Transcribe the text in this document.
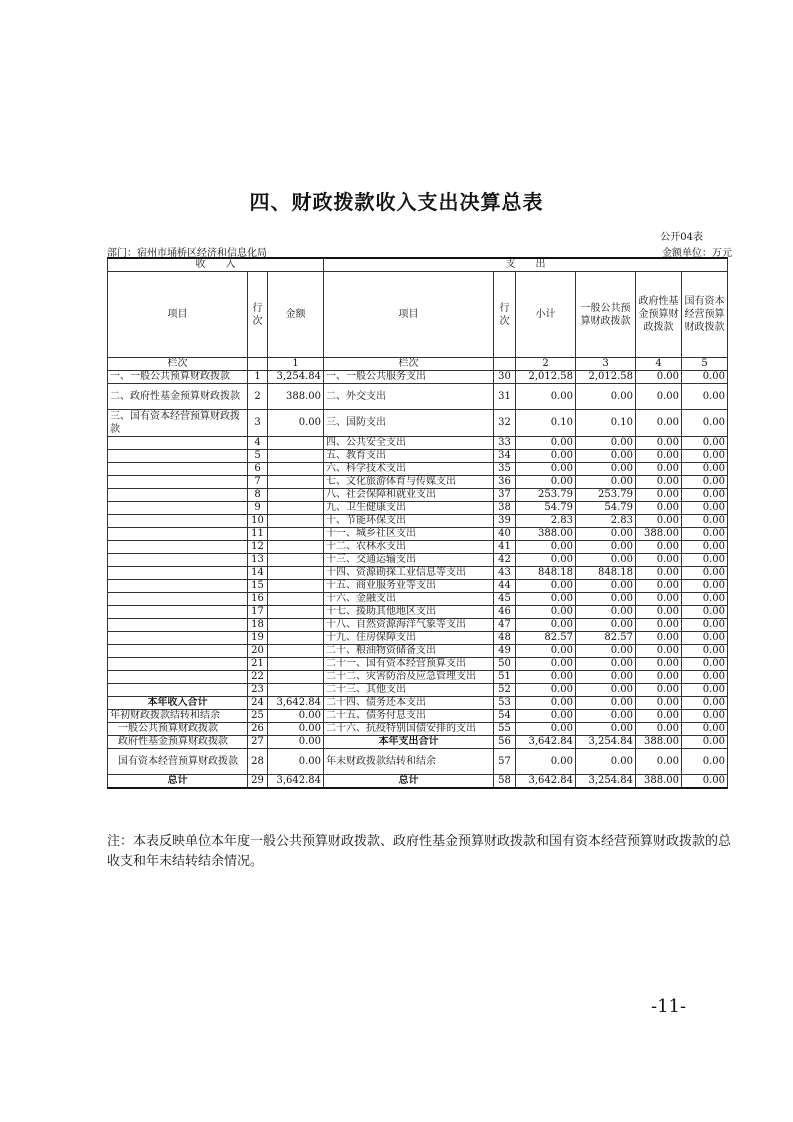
四、财政拨款收入支出决算总表
公开04表
部门：宿州市埇桥区经济和信息化局	金额单位：万元
收　　入			支　　出					
项目	行次	金额	项目	行次	小计	一般公共预算财政拨款	政府性基金预算财政拨款	国有资本经营预算财政拨款
栏次		1	栏次		2	3	4	5
一、一般公共预算财政拨款	1	3,254.84	一、一般公共服务支出	30	2,012.58	2,012.58	0.00	0.00
二、政府性基金预算财政拨款	2	388.00	二、外交支出	31	0.00	0.00	0.00	0.00
三、国有资本经营预算财政拨款	3	0.00	三、国防支出	32	0.10	0.10	0.00	0.00
	4		四、公共安全支出	33	0.00	0.00	0.00	0.00
	5		五、教育支出	34	0.00	0.00	0.00	0.00
	6		六、科学技术支出	35	0.00	0.00	0.00	0.00
	7		七、文化旅游体育与传媒支出	36	0.00	0.00	0.00	0.00
	8		八、社会保障和就业支出	37	253.79	253.79	0.00	0.00
	9		九、卫生健康支出	38	54.79	54.79	0.00	0.00
	10		十、节能环保支出	39	2.83	2.83	0.00	0.00
	11		十一、城乡社区支出	40	388.00	0.00	388.00	0.00
	12		十二、农林水支出	41	0.00	0.00	0.00	0.00
	13		十三、交通运输支出	42	0.00	0.00	0.00	0.00
	14		十四、资源勘探工业信息等支出	43	848.18	848.18	0.00	0.00
	15		十五、商业服务业等支出	44	0.00	0.00	0.00	0.00
	16		十六、金融支出	45	0.00	0.00	0.00	0.00
	17		十七、援助其他地区支出	46	0.00	0.00	0.00	0.00
	18		十八、自然资源海洋气象等支出	47	0.00	0.00	0.00	0.00
	19		十九、住房保障支出	48	82.57	82.57	0.00	0.00
	20		二十、粮油物资储备支出	49	0.00	0.00	0.00	0.00
	21		二十一、国有资本经营预算支出	50	0.00	0.00	0.00	0.00
	22		二十二、灾害防治及应急管理支出	51	0.00	0.00	0.00	0.00
	23		二十三、其他支出	52	0.00	0.00	0.00	0.00
本年收入合计	24	3,642.84	二十四、债务还本支出	53	0.00	0.00	0.00	0.00
年初财政拨款结转和结余	25	0.00	二十五、债务付息支出	54	0.00	0.00	0.00	0.00
一般公共预算财政拨款	26	0.00	二十六、抗疫特别国债安排的支出	55	0.00	0.00	0.00	0.00
政府性基金预算财政拨款	27	0.00	本年支出合计	56	3,642.84	3,254.84	388.00	0.00
国有资本经营预算财政拨款	28	0.00	年末财政拨款结转和结余	57	0.00	0.00	0.00	0.00
总计	29	3,642.84	总计	58	3,642.84	3,254.84	388.00	0.00
注：本表反映单位本年度一般公共预算财政拨款、政府性基金预算财政拨款和国有资本经营预算财政拨款的总收支和年末结转结余情况。
-11-
